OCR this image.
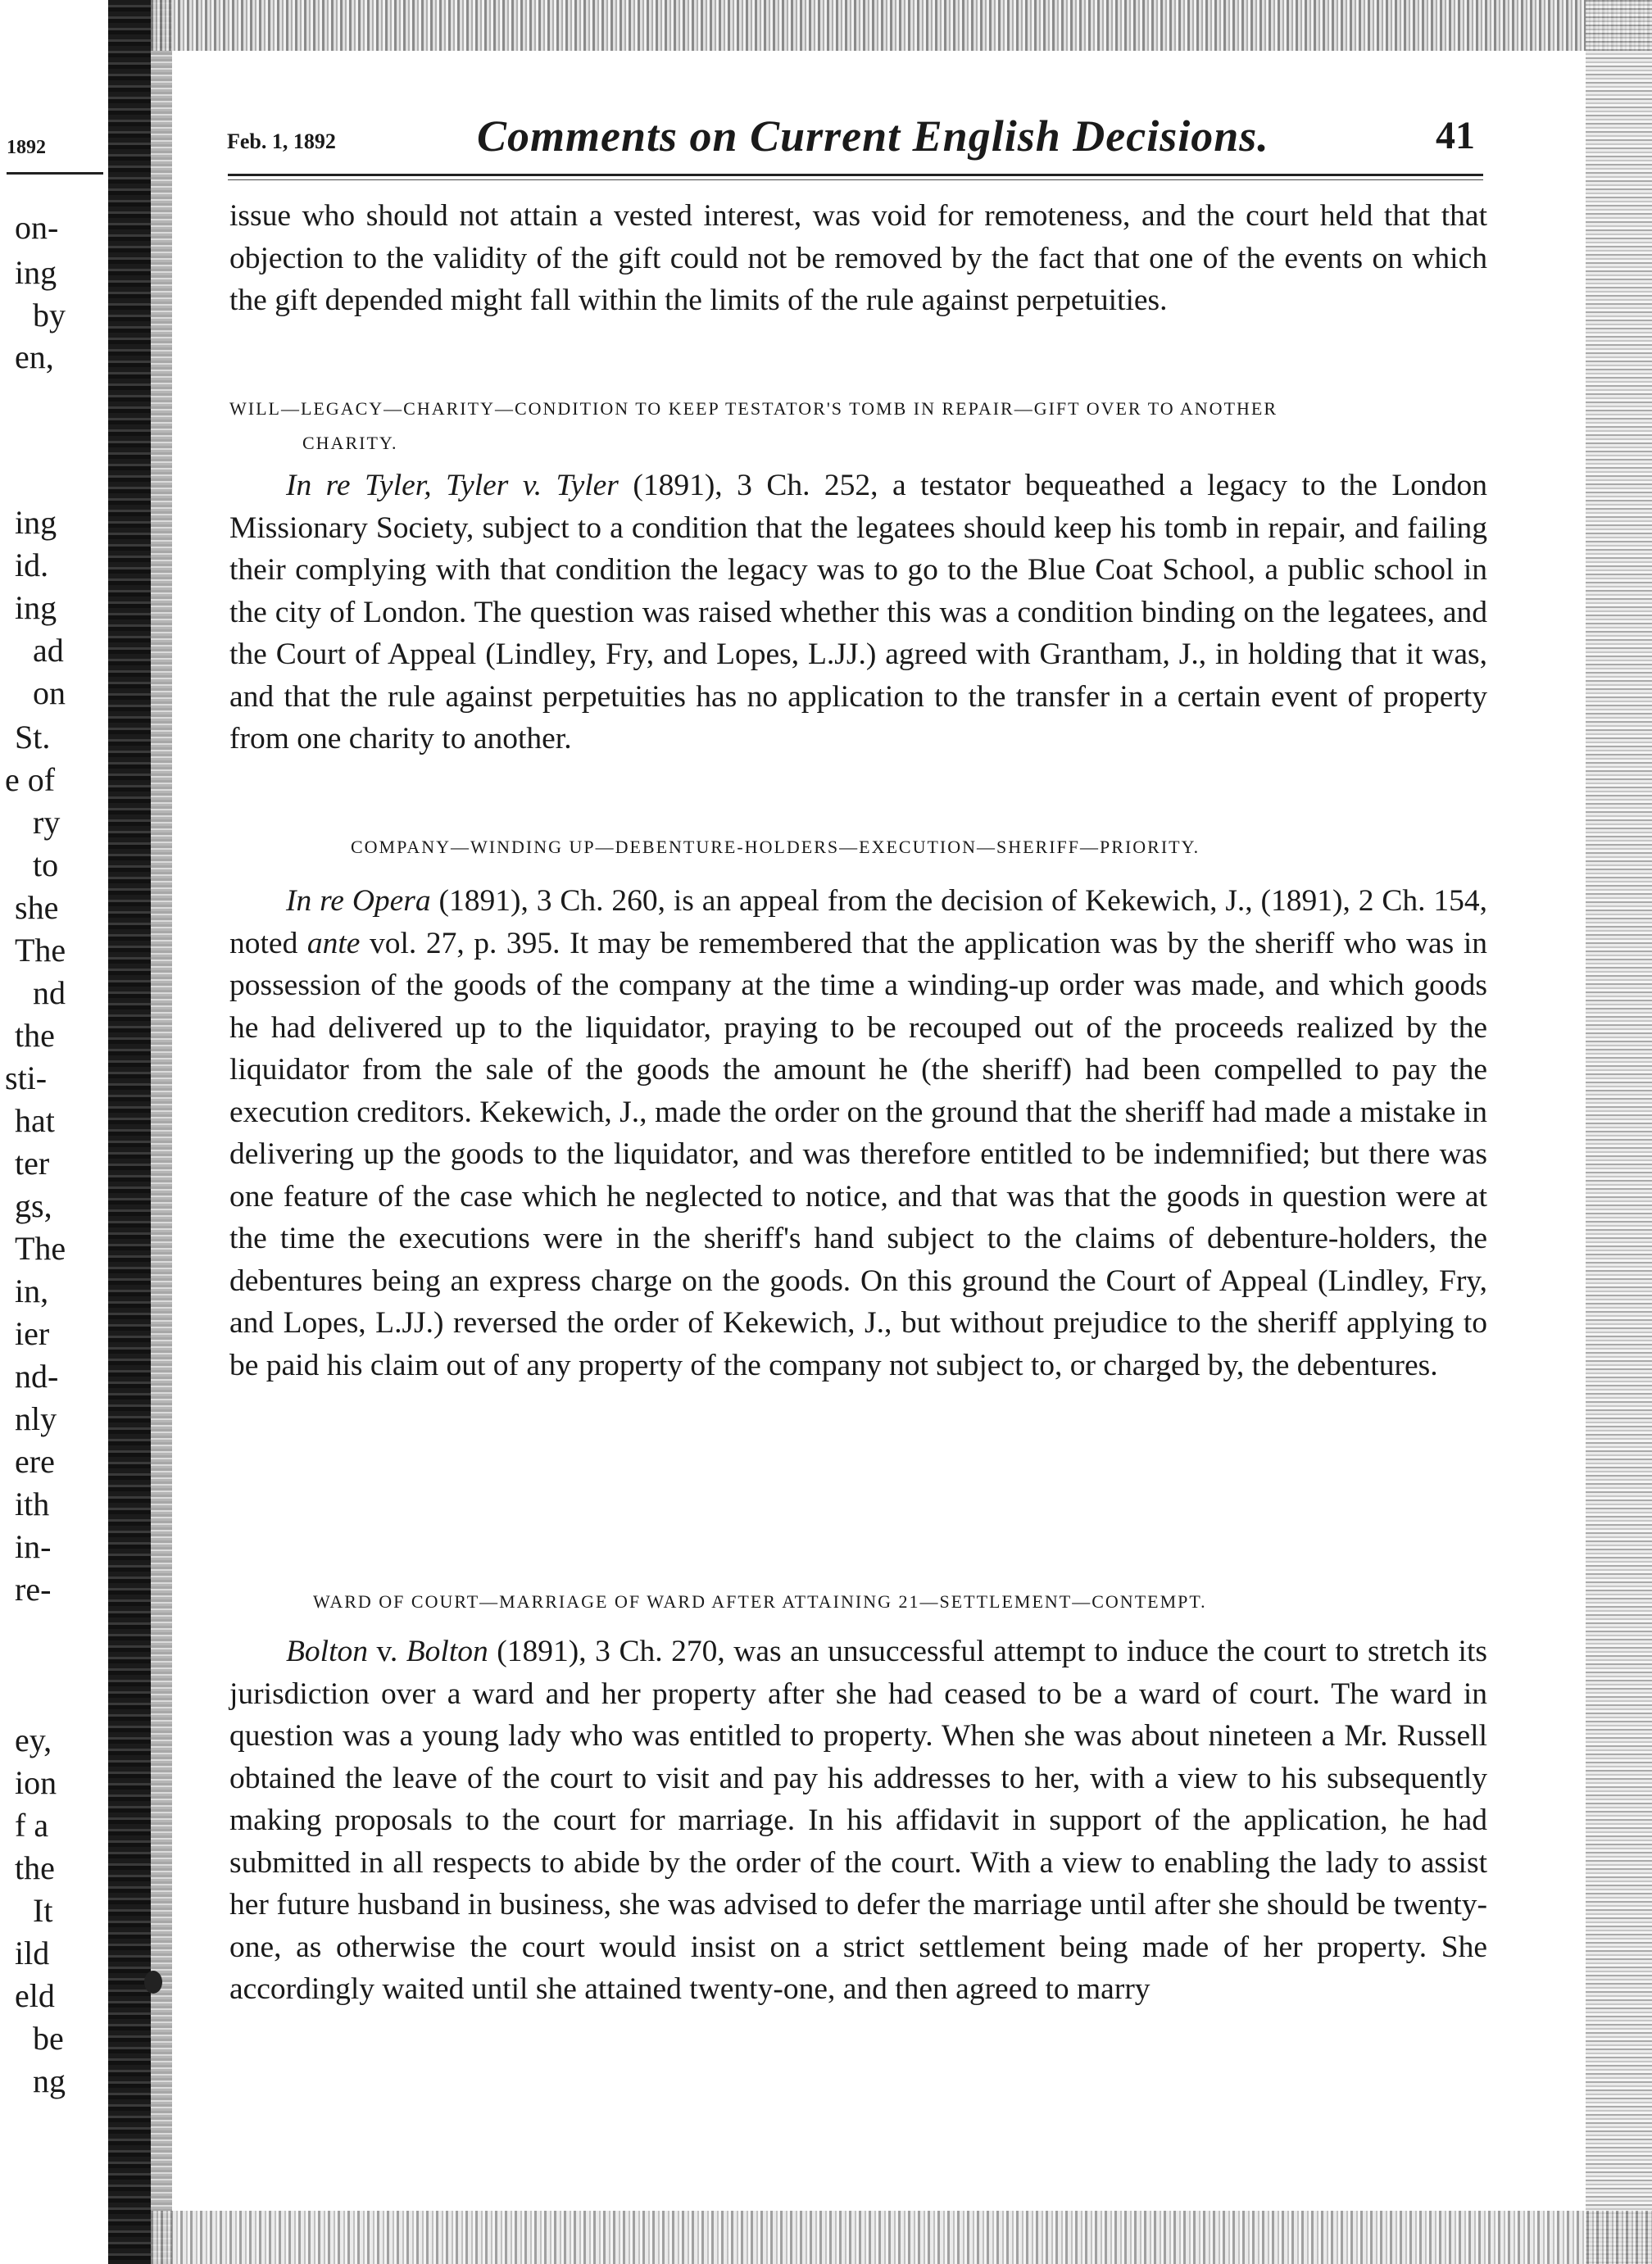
1892
on-
ing
by
en,
ing
id.
ing
ad
on
St.
e of
ry
to
she
The
nd
the
sti-
hat
ter
gs,
The
in,
ier
nd-
nly
ere
ith
in-
re-
ey,
ion
f a
the
It
ild
eld
be
ng
Feb. 1, 1892	Comments on Current English Decisions.	41

issue who should not attain a vested interest, was void for remoteness, and the court held that that objection to the validity of the gift could not be removed by the fact that one of the events on which the gift depended might fall within the limits of the rule against perpetuities.

WILL—LEGACY—CHARITY—CONDITION TO KEEP TESTATOR'S TOMB IN REPAIR—GIFT OVER TO ANOTHER
CHARITY.

In re Tyler, Tyler v. Tyler (1891), 3 Ch. 252, a testator bequeathed a legacy to the London Missionary Society, subject to a condition that the legatees should keep his tomb in repair, and failing their complying with that condition the legacy was to go to the Blue Coat School, a public school in the city of London. The question was raised whether this was a condition binding on the legatees, and the Court of Appeal (Lindley, Fry, and Lopes, L.JJ.) agreed with Grantham, J., in holding that it was, and that the rule against perpetuities has no application to the transfer in a certain event of property from one charity to another.

COMPANY—WINDING UP—DEBENTURE-HOLDERS—EXECUTION—SHERIFF—PRIORITY.

In re Opera (1891), 3 Ch. 260, is an appeal from the decision of Kekewich, J., (1891), 2 Ch. 154, noted ante vol. 27, p. 395. It may be remembered that the application was by the sheriff who was in possession of the goods of the company at the time a winding-up order was made, and which goods he had delivered up to the liquidator, praying to be recouped out of the proceeds realized by the liquidator from the sale of the goods the amount he (the sheriff) had been compelled to pay the execution creditors. Kekewich, J., made the order on the ground that the sheriff had made a mistake in delivering up the goods to the liquidator, and was therefore entitled to be indemnified; but there was one feature of the case which he neglected to notice, and that was that the goods in question were at the time the executions were in the sheriff's hand subject to the claims of debenture-holders, the debentures being an express charge on the goods. On this ground the Court of Appeal (Lindley, Fry, and Lopes, L.JJ.) reversed the order of Kekewich, J., but without prejudice to the sheriff applying to be paid his claim out of any property of the company not subject to, or charged by, the debentures.

WARD OF COURT—MARRIAGE OF WARD AFTER ATTAINING 21—SETTLEMENT—CONTEMPT.

Bolton v. Bolton (1891), 3 Ch. 270, was an unsuccessful attempt to induce the court to stretch its jurisdiction over a ward and her property after she had ceased to be a ward of court. The ward in question was a young lady who was entitled to property. When she was about nineteen a Mr. Russell obtained the leave of the court to visit and pay his addresses to her, with a view to his subsequently making proposals to the court for marriage. In his affidavit in support of the application, he had submitted in all respects to abide by the order of the court. With a view to enabling the lady to assist her future husband in business, she was advised to defer the marriage until after she should be twenty-one, as otherwise the court would insist on a strict settlement being made of her property. She accordingly waited until she attained twenty-one, and then agreed to marry
